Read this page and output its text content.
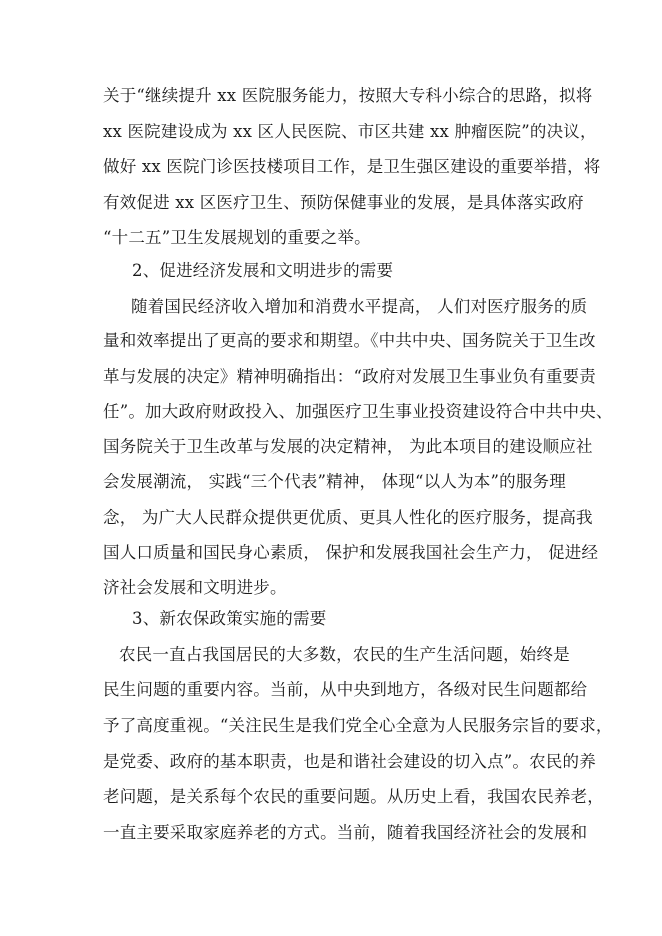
关于“继续提升 xx 医院服务能力，按照大专科小综合的思路，拟将
xx 医院建设成为 xx 区人民医院、市区共建 xx 肿瘤医院”的决议，
做好 xx 医院门诊医技楼项目工作，是卫生强区建设的重要举措，将
有效促进 xx 区医疗卫生、预防保健事业的发展，是具体落实政府
“十二五”卫生发展规划的重要之举。
2、促进经济发展和文明进步的需要
随着国民经济收入增加和消费水平提高， 人们对医疗服务的质
量和效率提出了更高的要求和期望。《中共中央、国务院关于卫生改
革与发展的决定》精神明确指出：“政府对发展卫生事业负有重要责
任”。加大政府财政投入、加强医疗卫生事业投资建设符合中共中央、
国务院关于卫生改革与发展的决定精神， 为此本项目的建设顺应社
会发展潮流， 实践“三个代表”精神， 体现“以人为本”的服务理
念， 为广大人民群众提供更优质、更具人性化的医疗服务，提高我
国人口质量和国民身心素质， 保护和发展我国社会生产力， 促进经
济社会发展和文明进步。
3、新农保政策实施的需要
农民一直占我国居民的大多数，农民的生产生活问题，始终是
民生问题的重要内容。当前，从中央到地方，各级对民生问题都给
予了高度重视。“关注民生是我们党全心全意为人民服务宗旨的要求，
是党委、政府的基本职责，也是和谐社会建设的切入点”。农民的养
老问题，是关系每个农民的重要问题。从历史上看，我国农民养老，
一直主要采取家庭养老的方式。当前，随着我国经济社会的发展和
